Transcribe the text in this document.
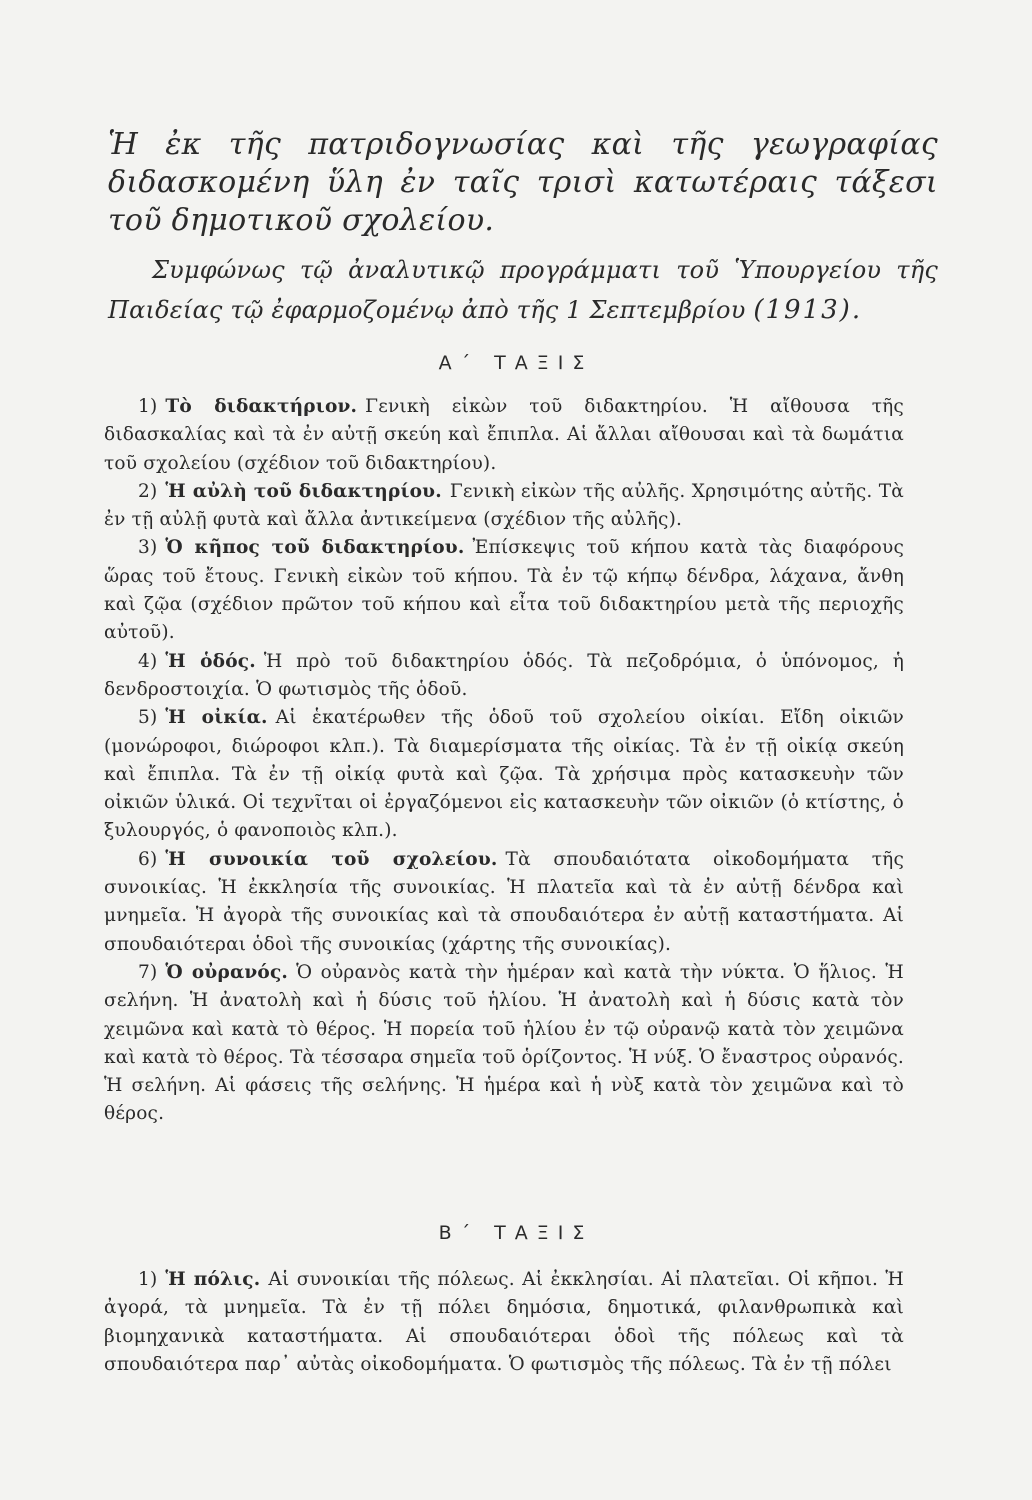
Ἡ ἐκ τῆς πατριδογνωσίας καὶ τῆς γεωγραφίας διδασκομένη ὕλη ἐν ταῖς τρισὶ κατωτέραις τάξεσι τοῦ δημοτικοῦ σχολείου.

Συμφώνως τῷ ἀναλυτικῷ προγράμματι τοῦ Ὑπουργείου τῆς Παιδείας τῷ ἐφαρμοζομένῳ ἀπὸ τῆς 1 Σεπτεμβρίου (1913).

Α΄ ΤΑΞΙΣ

1) Τὸ διδακτήριον. Γενικὴ εἰκὼν τοῦ διδακτηρίου. Ἡ αἴθουσα τῆς διδασκαλίας καὶ τὰ ἐν αὐτῇ σκεύη καὶ ἔπιπλα. Αἱ ἄλλαι αἴθουσαι καὶ τὰ δωμάτια τοῦ σχολείου (σχέδιον τοῦ διδακτηρίου).

2) Ἡ αὐλὴ τοῦ διδακτηρίου. Γενικὴ εἰκὼν τῆς αὐλῆς. Χρησιμότης αὐτῆς. Τὰ ἐν τῇ αὐλῇ φυτὰ καὶ ἄλλα ἀντικείμενα (σχέδιον τῆς αὐλῆς).

3) Ὁ κῆπος τοῦ διδακτηρίου. Ἐπίσκεψις τοῦ κήπου κατὰ τὰς διαφόρους ὥρας τοῦ ἔτους. Γενικὴ εἰκὼν τοῦ κήπου. Τὰ ἐν τῷ κήπῳ δένδρα, λάχανα, ἄνθη καὶ ζῷα (σχέδιον πρῶτον τοῦ κήπου καὶ εἶτα τοῦ διδακτηρίου μετὰ τῆς περιοχῆς αὐτοῦ).

4) Ἡ ὁδός. Ἡ πρὸ τοῦ διδακτηρίου ὁδός. Τὰ πεζοδρόμια, ὁ ὑπόνομος, ἡ δενδροστοιχία. Ὁ φωτισμὸς τῆς ὁδοῦ.

5) Ἡ οἰκία. Αἱ ἑκατέρωθεν τῆς ὁδοῦ τοῦ σχολείου οἰκίαι. Εἴδη οἰκιῶν (μονώροφοι, διώροφοι κλπ.). Τὰ διαμερίσματα τῆς οἰκίας. Τὰ ἐν τῇ οἰκίᾳ σκεύη καὶ ἔπιπλα. Τὰ ἐν τῇ οἰκίᾳ φυτὰ καὶ ζῷα. Τὰ χρήσιμα πρὸς κατασκευὴν τῶν οἰκιῶν ὑλικά. Οἱ τεχνῖται οἱ ἐργαζόμενοι εἰς κατασκευὴν τῶν οἰκιῶν (ὁ κτίστης, ὁ ξυλουργός, ὁ φανοποιὸς κλπ.).

6) Ἡ συνοικία τοῦ σχολείου. Τὰ σπουδαιότατα οἰκοδομήματα τῆς συνοικίας. Ἡ ἐκκλησία τῆς συνοικίας. Ἡ πλατεῖα καὶ τὰ ἐν αὐτῇ δένδρα καὶ μνημεῖα. Ἡ ἀγορὰ τῆς συνοικίας καὶ τὰ σπουδαιότερα ἐν αὐτῇ καταστήματα. Αἱ σπουδαιότεραι ὁδοὶ τῆς συνοικίας (χάρτης τῆς συνοικίας).

7) Ὁ οὐρανός. Ὁ οὐρανὸς κατὰ τὴν ἡμέραν καὶ κατὰ τὴν νύκτα. Ὁ ἥλιος. Ἡ σελήνη. Ἡ ἀνατολὴ καὶ ἡ δύσις τοῦ ἡλίου. Ἡ ἀνατολὴ καὶ ἡ δύσις κατὰ τὸν χειμῶνα καὶ κατὰ τὸ θέρος. Ἡ πορεία τοῦ ἡλίου ἐν τῷ οὐρανῷ κατὰ τὸν χειμῶνα καὶ κατὰ τὸ θέρος. Τὰ τέσσαρα σημεῖα τοῦ ὁρίζοντος. Ἡ νύξ. Ὁ ἔναστρος οὐρανός. Ἡ σελήνη. Αἱ φάσεις τῆς σελήνης. Ἡ ἡμέρα καὶ ἡ νὺξ κατὰ τὸν χειμῶνα καὶ τὸ θέρος.

Β΄ ΤΑΞΙΣ

1) Ἡ πόλις. Αἱ συνοικίαι τῆς πόλεως. Αἱ ἐκκλησίαι. Αἱ πλατεῖαι. Οἱ κῆποι. Ἡ ἀγορά, τὰ μνημεῖα. Τὰ ἐν τῇ πόλει δημόσια, δημοτικά, φιλανθρωπικὰ καὶ βιομηχανικὰ καταστήματα. Αἱ σπουδαιότεραι ὁδοὶ τῆς πόλεως καὶ τὰ σπουδαιότερα παρ᾽ αὐτὰς οἰκοδομήματα. Ὁ φωτισμὸς τῆς πόλεως. Τὰ ἐν τῇ πόλει
